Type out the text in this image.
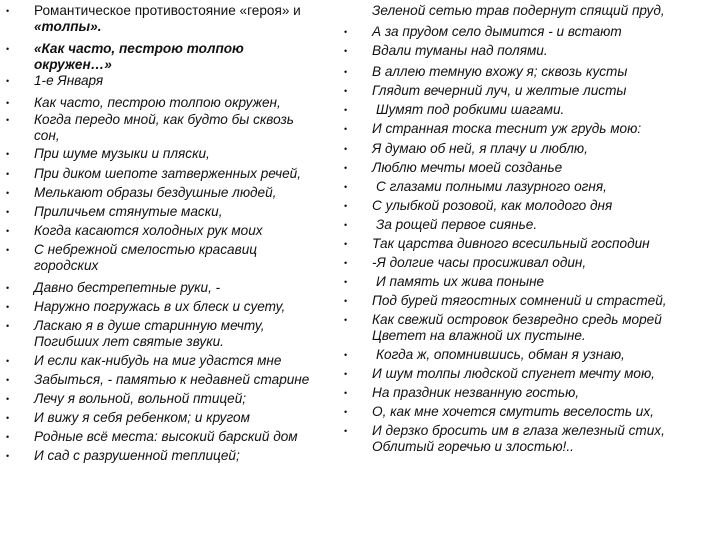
• Романтическое противостояние «героя» и
«толпы».
• «Как часто, пестрою толпою
окружен…»
• 1-е Января
• Как часто, пестрою толпою окружен,
• Когда передо мной, как будто бы сквозь
сон,
• При шуме музыки и пляски,
• При диком шепоте затверженных речей,
• Мелькают образы бездушные людей,
• Приличьем стянутые маски,
• Когда касаются холодных рук моих
• С небрежной смелостью красавиц
городских
• Давно бестрепетные руки, -
• Наружно погружась в их блеск и суету,
• Ласкаю я в душе старинную мечту,
Погибших лет святые звуки.
• И если как-нибудь на миг удастся мне
• Забыться, - памятью к недавней старине
• Лечу я вольной, вольной птицей;
• И вижу я себя ребенком; и кругом
• Родные всё места: высокий барский дом
• И сад с разрушенной теплицей;
Зеленой сетью трав подернут спящий пруд,
• А за прудом село дымится - и встают
• Вдали туманы над полями.
• В аллею темную вхожу я; сквозь кусты
• Глядит вечерний луч, и желтые листы
• Шумят под робкими шагами.
• И странная тоска теснит уж грудь мою:
• Я думаю об ней, я плачу и люблю,
• Люблю мечты моей созданье
• С глазами полными лазурного огня,
• С улыбкой розовой, как молодого дня
• За рощей первое сиянье.
• Так царства дивного всесильный господин
• -Я долгие часы просиживал один,
• И память их жива поныне
• Под бурей тягостных сомнений и страстей,
• Как свежий островок безвредно средь морей
Цветет на влажной их пустыне.
• Когда ж, опомнившись, обман я узнаю,
• И шум толпы людской спугнет мечту мою,
• На праздник незванную гостью,
• О, как мне хочется смутить веселость их,
• И дерзко бросить им в глаза железный стих,
Облитый горечью и злостью!..
